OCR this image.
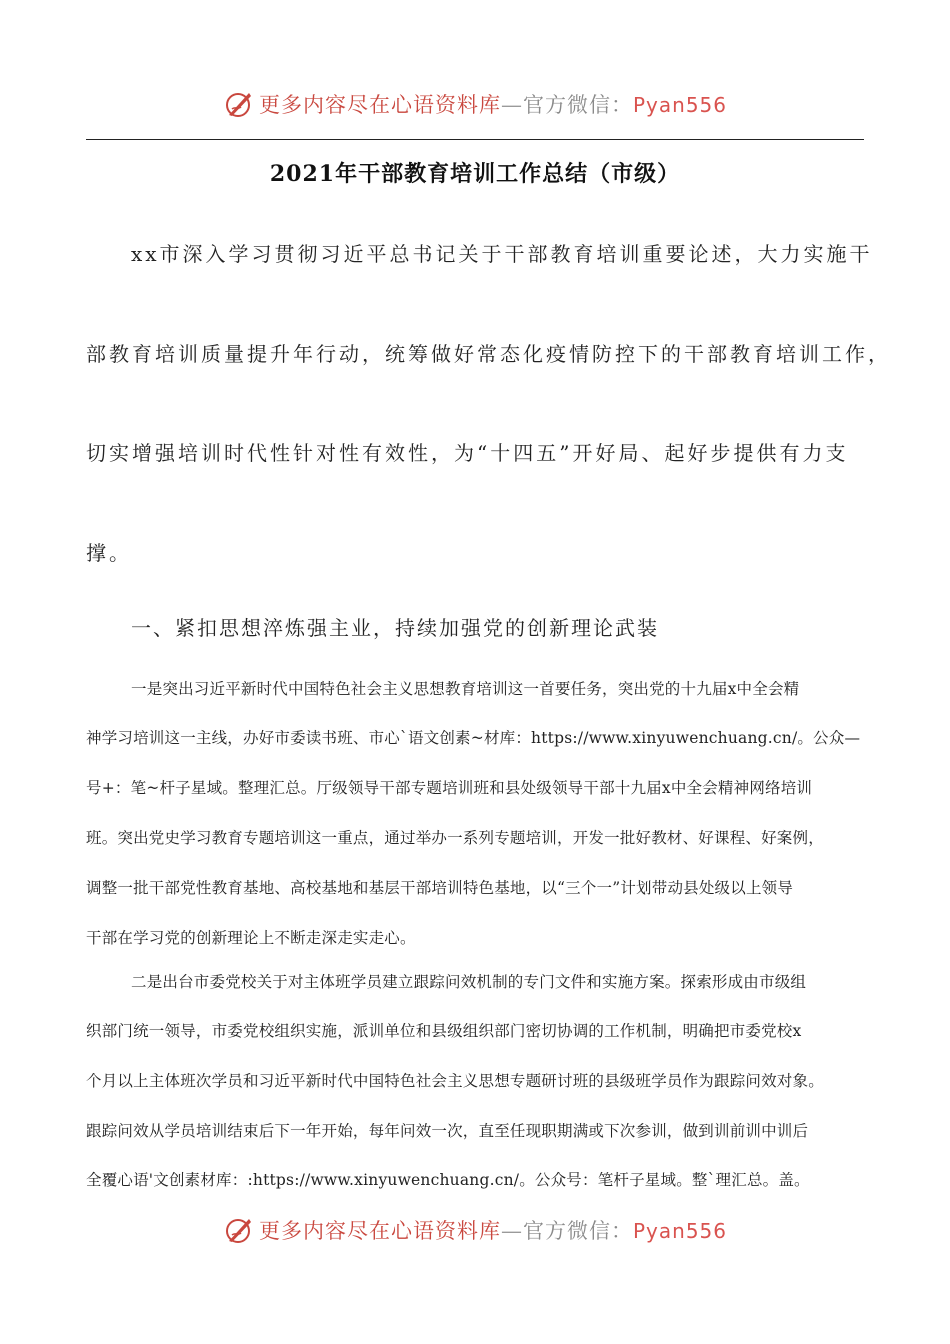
更多内容尽在心语资料库—官方微信：Pyan556
2021年干部教育培训工作总结（市级）
xx市深入学习贯彻习近平总书记关于干部教育培训重要论述，大力实施干
部教育培训质量提升年行动，统筹做好常态化疫情防控下的干部教育培训工作，
切实增强培训时代性针对性有效性，为“十四五”开好局、起好步提供有力支
撑。
一、紧扣思想淬炼强主业，持续加强党的创新理论武装
一是突出习近平新时代中国特色社会主义思想教育培训这一首要任务，突出党的十九届x中全会精
神学习培训这一主线，办好市委读书班、市心`语文创素~材库：https://www.xinyuwenchuang.cn/。公众—
号+：笔~杆子星域。整理汇总。厅级领导干部专题培训班和县处级领导干部十九届x中全会精神网络培训
班。突出党史学习教育专题培训这一重点，通过举办一系列专题培训，开发一批好教材、好课程、好案例，
调整一批干部党性教育基地、高校基地和基层干部培训特色基地，以“三个一”计划带动县处级以上领导
干部在学习党的创新理论上不断走深走实走心。
二是出台市委党校关于对主体班学员建立跟踪问效机制的专门文件和实施方案。探索形成由市级组
织部门统一领导，市委党校组织实施，派训单位和县级组织部门密切协调的工作机制，明确把市委党校x
个月以上主体班次学员和习近平新时代中国特色社会主义思想专题研讨班的县级班学员作为跟踪问效对象。
跟踪问效从学员培训结束后下一年开始，每年问效一次，直至任现职期满或下次参训，做到训前训中训后
全覆心语'文创素材库：:https://www.xinyuwenchuang.cn/。公众号：笔杆子星域。整`理汇总。盖。
更多内容尽在心语资料库—官方微信：Pyan556
